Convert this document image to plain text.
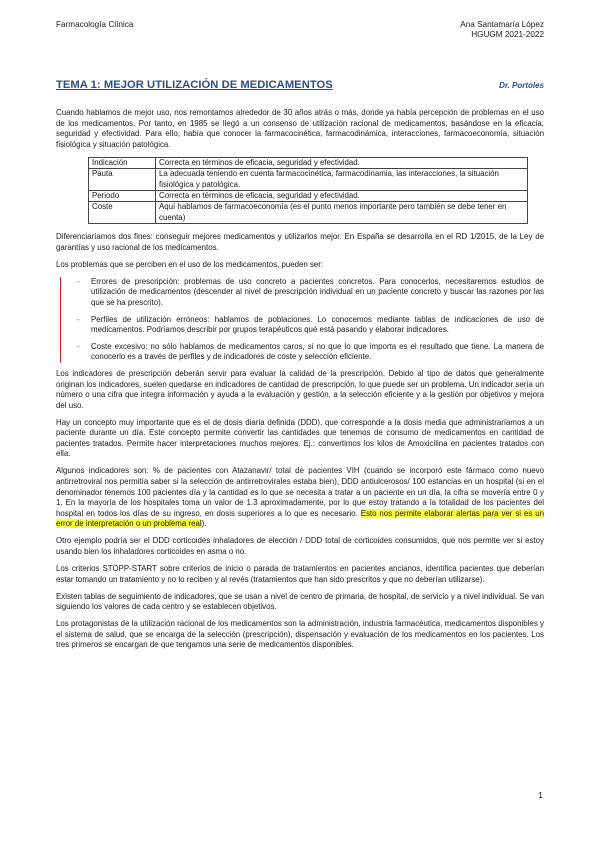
Farmacología Clínica	Ana Santamaría López
HGUGM 2021-2022
TEMA 1: MEJOR UTILIZACIÓN DE MEDICAMENTOS	Dr. Portoles

Cuando hablamos de mejor uso, nos remontamos alrededor de 30 años atrás o más, donde ya había percepción de problemas en el uso de los medicamentos. Por tanto, en 1985 se llegó a un consenso de utilización racional de medicamentos, basándose en la eficacia, seguridad y efectividad. Para ello, había que conocer la farmacocinética, farmacodinámica, interacciones, farmacoeconomía, situación fisiológica y situación patológica.

Indicación	Correcta en términos de eficacia, seguridad y efectividad.
Pauta	La adecuada teniendo en cuenta farmacocinética, farmacodinamia, las interacciones, la situación fisiológica y patológica.
Periodo	Correcta en términos de eficacia, seguridad y efectividad.
Coste	Aquí hablamos de farmacoeconomía (es el punto menos importante pero también se debe tener en cuenta)

Diferenciaríamos dos fines: conseguir mejores medicamentos y utilizarlos mejor. En España se desarrolla en el RD 1/2015, de la Ley de garantías y uso racional de los medicamentos.

Los problemas que se perciben en el uso de los medicamentos, pueden ser:

- Errores de prescripción: problemas de uso concreto a pacientes concretos. Para conocerlos, necesitaremos estudios de utilización de medicamentos (descender al nivel de prescripción individual en un paciente concreto y buscar las razones por las que se ha prescrito).
- Perfiles de utilización erróneos: hablamos de poblaciones. Lo conocemos mediante tablas de indicaciones de uso de medicamentos. Podríamos describir por grupos terapéuticos qué está pasando y elaborar indicadores.
- Coste excesivo: no sólo hablamos de medicamentos caros, si no que lo que importa es el resultado que tiene. La manera de conocerlo es a través de perfiles y de indicadores de coste y selección eficiente.

Los indicadores de prescripción deberán servir para evaluar la calidad de la prescripción. Debido al tipo de datos que generalmente originan los indicadores, suelen quedarse en indicadores de cantidad de prescripción, lo que puede ser un problema. Un indicador sería un número o una cifra que integra información y ayuda a la evaluación y gestión, a la selección eficiente y a la gestión por objetivos y mejora del uso.

Hay un concepto muy importante que es el de dosis diaria definida (DDD), que corresponde a la dosis media que administraríamos a un paciente durante un día. Este concepto permite convertir las cantidades que tenemos de consumo de medicamentos en cantidad de pacientes tratados. Permite hacer interpretaciones muchos mejores. Ej.: convertimos los kilos de Amoxicilina en pacientes tratados con ella.

Algunos indicadores son: % de pacientes con Atazanavir/ total de pacientes VIH (cuando se incorporó este fármaco como nuevo antirretroviral nos permitía saber si la selección de antirretrovirales estaba bien), DDD antiulcerosos/ 100 estancias en un hospital (si en el denominador tenemos 100 pacientes día y la cantidad es lo que se necesita a tratar a un paciente en un día, la cifra se movería entre 0 y 1. En la mayoría de los hospitales toma un valor de 1.3 aproximadamente, por lo que estoy tratando a la totalidad de los pacientes del hospital en todos los días de su ingreso, en dosis superiores a lo que es necesario. Esto nos permite elaborar alertas para ver si es un error de interpretación o un problema real).

Otro ejemplo podría ser el DDD corticoides inhaladores de elección / DDD total de corticoides consumidos, que nos permite ver si estoy usando bien los inhaladores corticoides en asma o no.

Los criterios STOPP-START sobre criterios de inicio o parada de tratamientos en pacientes ancianos, identifica pacientes que deberían estar tomando un tratamiento y no lo reciben y al revés (tratamientos que han sido prescritos y que no deberían utilizarse).

Existen tablas de seguimiento de indicadores, que se usan a nivel de centro de primaria, de hospital, de servicio y a nivel individual. Se van siguiendo los valores de cada centro y se establecen objetivos.

Los protagonistas de la utilización racional de los medicamentos son la administración, industria farmacéutica, medicamentos disponibles y el sistema de salud, que se encarga de la selección (prescripción), dispensación y evaluación de los medicamentos en los pacientes. Los tres primeros se encargan de que tengamos una serie de medicamentos disponibles.

1
